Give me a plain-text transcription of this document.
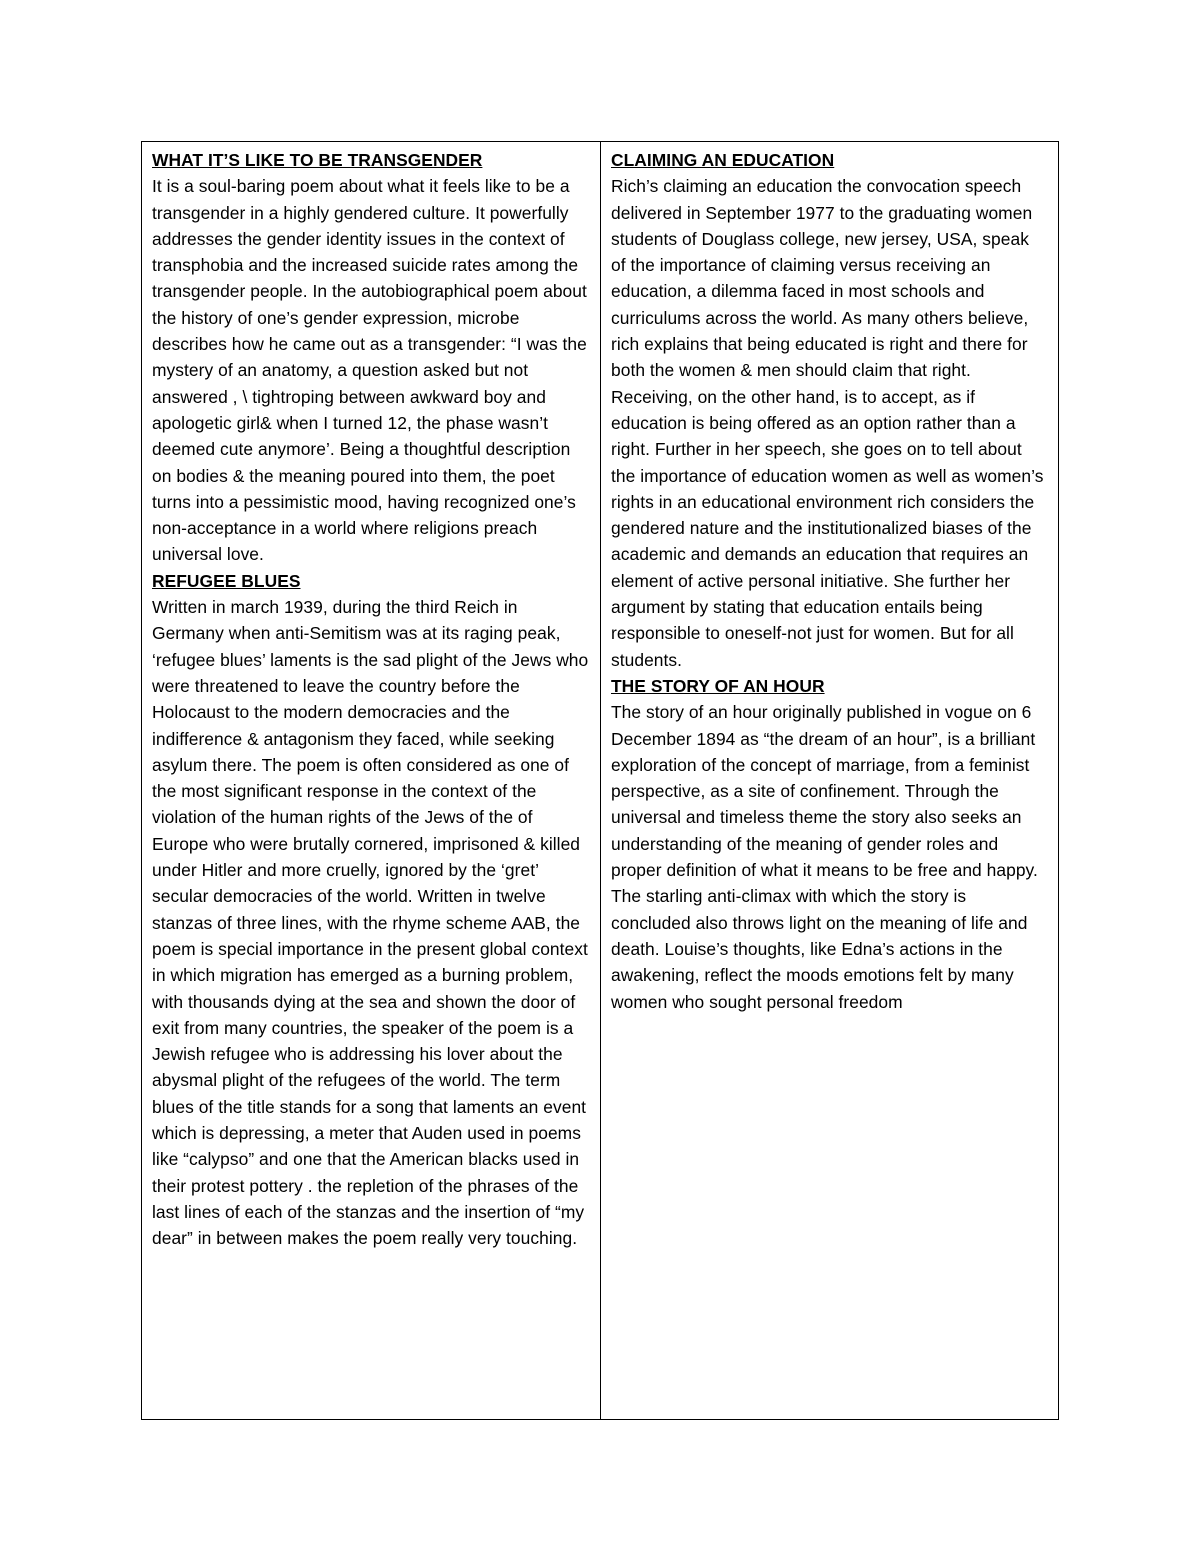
WHAT IT’S LIKE TO BE TRANSGENDER

It is a soul-baring poem about what it feels like to be a transgender in a highly gendered culture. It powerfully addresses the gender identity issues in the context of transphobia and the increased suicide rates among the transgender people. In the autobiographical poem about the history of one’s gender expression, microbe describes how he came out as a transgender: “I was the mystery of an anatomy, a question asked but not answered , \ tightroping between awkward boy and apologetic girl& when I turned 12, the phase wasn’t deemed cute anymore’. Being a thoughtful description on bodies & the meaning poured into them, the poet turns into a pessimistic mood, having recognized one’s non-acceptance in a world where religions preach universal love.

REFUGEE BLUES

Written in march 1939, during the third Reich in Germany when anti-Semitism was at its raging peak, ‘refugee blues’ laments is the sad plight of the Jews who were threatened to leave the country before the Holocaust to the modern democracies and the indifference & antagonism they faced, while seeking asylum there. The poem is often considered as one of the most significant response in the context of the violation of the human rights of the Jews of the of Europe who were brutally cornered, imprisoned & killed under Hitler and more cruelly, ignored by the ‘gret’ secular democracies of the world. Written in twelve stanzas of three lines, with the rhyme scheme AAB, the poem is special importance in the present global context in which migration has emerged as a burning problem, with thousands dying at the sea and shown the door of exit from many countries, the speaker of the poem is a Jewish refugee who is addressing his lover about the abysmal plight of the refugees of the world. The term blues of the title stands for a song that laments an event which is depressing, a meter that Auden used in poems like “calypso” and one that the American blacks used in their protest pottery . the repletion of the phrases of the last lines of each of the stanzas and the insertion of “my dear” in between makes the poem really very touching.

CLAIMING AN EDUCATION

Rich’s claiming an education the convocation speech delivered in September 1977 to the graduating women students of Douglass college, new jersey, USA, speak of the importance of claiming versus receiving an education, a dilemma faced in most schools and curriculums across the world. As many others believe, rich explains that being educated is right and there for both the women & men should claim that right. Receiving, on the other hand, is to accept, as if education is being offered as an option rather than a right. Further in her speech, she goes on to tell about the importance of education women as well as women’s rights in an educational environment rich considers the gendered nature and the institutionalized biases of the academic and demands an education that requires an element of active personal initiative. She further her argument by stating that education entails being responsible to oneself-not just for women. But for all students.

THE STORY OF AN HOUR

The story of an hour originally published in vogue on 6 December 1894 as “the dream of an hour”, is a brilliant exploration of the concept of marriage, from a feminist perspective, as a site of confinement. Through the universal and timeless theme the story also seeks an understanding of the meaning of gender roles and proper definition of what it means to be free and happy. The starling anti-climax with which the story is concluded also throws light on the meaning of life and death. Louise’s thoughts, like Edna’s actions in the awakening, reflect the moods emotions felt by many women who sought personal freedom
